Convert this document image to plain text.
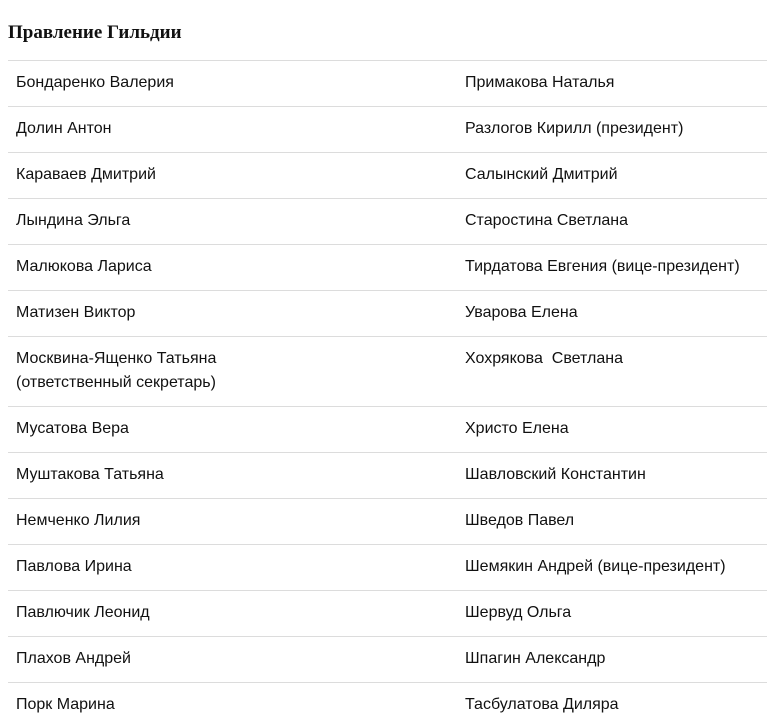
Правление Гильдии
Бондаренко Валерия	Примакова Наталья

Долин Антон	Разлогов Кирилл (президент)

Караваев Дмитрий	Салынский Дмитрий

Лындина Эльга	Старостина Светлана

Малюкова Лариса	Тирдатова Евгения (вице-президент)

Матизен Виктор	Уварова Елена

Москвина-Ященко Татьяна
(ответственный секретарь)	Хохрякова  Светлана

Мусатова Вера	Христо Елена

Муштакова Татьяна	Шавловский Константин

Немченко Лилия	Шведов Павел

Павлова Ирина	Шемякин Андрей (вице-президент)

Павлючик Леонид	Шервуд Ольга

Плахов Андрей	Шпагин Александр

Порк Марина	Тасбулатова Диляра
